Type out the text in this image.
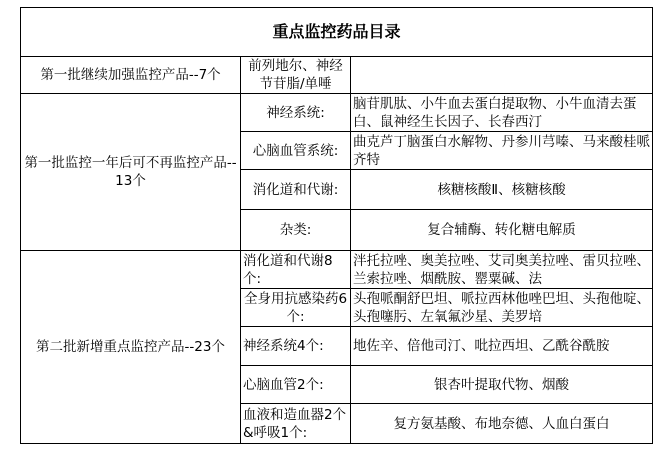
重点监控药品目录		
第一批继续加强监控产品--7个	前列地尔、神经节苷脂/单唾	
第一批监控一年后可不再监控产品--13个	神经系统:	脑苷肌肽、小牛血去蛋白提取物、小牛血清去蛋白、鼠神经生长因子、长春西汀
	心脑血管系统:	曲克芦丁脑蛋白水解物、丹参川芎嗪、马来酸桂哌齐特
	消化道和代谢:	核糖核酸Ⅱ、核糖核酸
	杂类:	复合辅酶、转化糖电解质
第二批新增重点监控产品--23个	消化道和代谢8个:	泮托拉唑、奥美拉唑、艾司奥美拉唑、雷贝拉唑、兰索拉唑、烟酰胺、罂粟碱、法
	全身用抗感染药6个:	头孢哌酮舒巴坦、哌拉西林他唑巴坦、头孢他啶、头孢噻肟、左氧氟沙星、美罗培
	神经系统4个:	地佐辛、倍他司汀、吡拉西坦、乙酰谷酰胺
	心脑血管2个:	银杏叶提取代物、烟酸
	血液和造血器2个&呼吸1个:	复方氨基酸、布地奈德、人血白蛋白
